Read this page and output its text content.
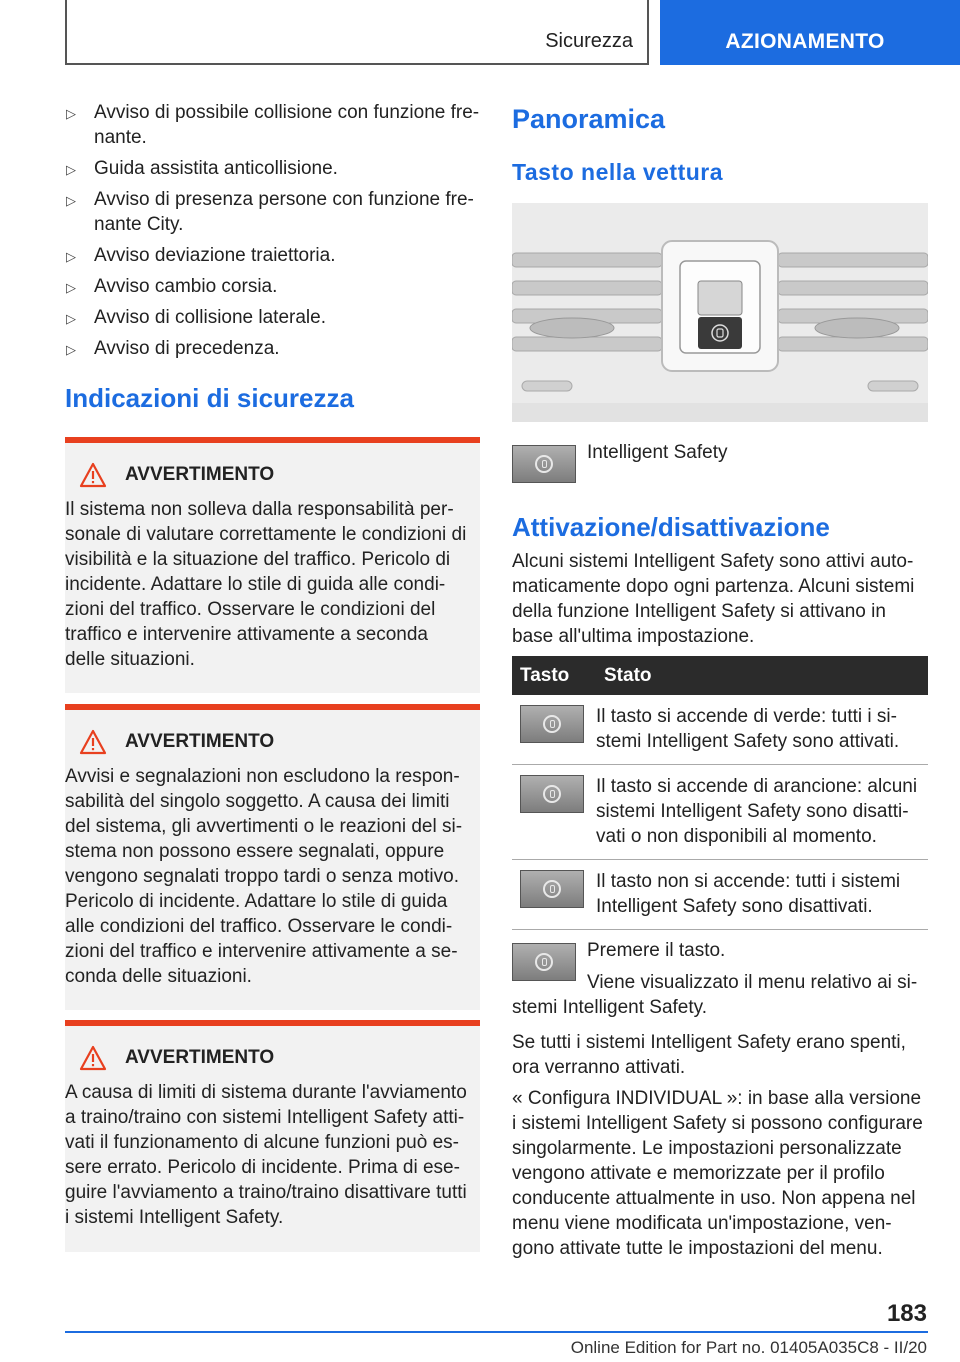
Sicurezza	AZIONAMENTO
▷ Avviso di possibile collisione con funzione fre-nante.
▷ Guida assistita anticollisione.
▷ Avviso di presenza persone con funzione fre-nante City.
▷ Avviso deviazione traiettoria.
▷ Avviso cambio corsia.
▷ Avviso di collisione laterale.
▷ Avviso di precedenza.
Indicazioni di sicurezza
AVVERTIMENTO

Il sistema non solleva dalla responsabilità per-sonale di valutare correttamente le condizioni di visibilità e la situazione del traffico. Pericolo di incidente. Adattare lo stile di guida alle condi-zioni del traffico. Osservare le condizioni del traffico e intervenire attivamente a seconda delle situazioni.

AVVERTIMENTO

Avvisi e segnalazioni non escludono la respon-sabilità del singolo soggetto. A causa dei limiti del sistema, gli avvertimenti o le reazioni del si-stema non possono essere segnalati, oppure vengono segnalati troppo tardi o senza motivo. Pericolo di incidente. Adattare lo stile di guida alle condizioni del traffico. Osservare le condi-zioni del traffico e intervenire attivamente a se-conda delle situazioni.

AVVERTIMENTO

A causa di limiti di sistema durante l'avviamento a traino/traino con sistemi Intelligent Safety atti-vati il funzionamento di alcune funzioni può es-sere errato. Pericolo di incidente. Prima di ese-guire l'avviamento a traino/traino disattivare tutti i sistemi Intelligent Safety.

Panoramica
Tasto nella vettura
Intelligent Safety
Attivazione/disattivazione

Alcuni sistemi Intelligent Safety sono attivi auto-maticamente dopo ogni partenza. Alcuni sistemi della funzione Intelligent Safety si attivano in base all'ultima impostazione.

Tasto	Stato

	Il tasto si accende di verde: tutti i si-stemi Intelligent Safety sono attivati.

	Il tasto si accende di arancione: alcuni sistemi Intelligent Safety sono disatti-vati o non disponibili al momento.

	Il tasto non si accende: tutti i sistemi Intelligent Safety sono disattivati.
Premere il tasto.
Viene visualizzato il menu relativo ai si-stemi Intelligent Safety.

Se tutti i sistemi Intelligent Safety erano spenti, ora verranno attivati.

« Configura INDIVIDUAL »: in base alla versione i sistemi Intelligent Safety si possono configurare singolarmente. Le impostazioni personalizzate vengono attivate e memorizzate per il profilo conducente attualmente in uso. Non appena nel menu viene modificata un'impostazione, ven-gono attivate tutte le impostazioni del menu.

183
Online Edition for Part no. 01405A035C8 - II/20
